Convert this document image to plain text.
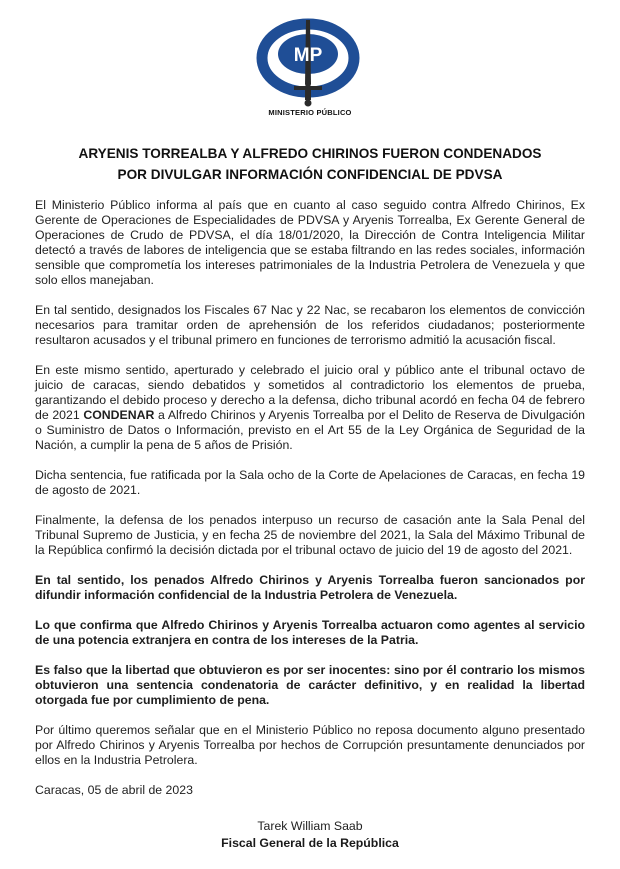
MP
MINISTERIO PÚBLICO
ARYENIS TORREALBA Y ALFREDO CHIRINOS FUERON CONDENADOS
POR DIVULGAR INFORMACIÓN CONFIDENCIAL DE PDVSA

El Ministerio Público informa al país que en cuanto al caso seguido contra Alfredo Chirinos, Ex Gerente de Operaciones de Especialidades de PDVSA y Aryenis Torrealba, Ex Gerente General de Operaciones de Crudo de PDVSA, el día 18/01/2020, la Dirección de Contra Inteligencia Militar detectó a través de labores de inteligencia que se estaba filtrando en las redes sociales, información sensible que comprometía los intereses patrimoniales de la Industria Petrolera de Venezuela y que solo ellos manejaban.

En tal sentido, designados los Fiscales 67 Nac y 22 Nac, se recabaron los elementos de convicción necesarios para tramitar orden de aprehensión de los referidos ciudadanos; posteriormente resultaron acusados y el tribunal primero en funciones de terrorismo admitió la acusación fiscal.

En este mismo sentido, aperturado y celebrado el juicio oral y público ante el tribunal octavo de juicio de caracas, siendo debatidos y sometidos al contradictorio los elementos de prueba, garantizando el debido proceso y derecho a la defensa, dicho tribunal acordó en fecha 04 de febrero de 2021 CONDENAR a Alfredo Chirinos y Aryenis Torrealba por el Delito de Reserva de Divulgación o Suministro de Datos o Información, previsto en el Art 55 de la Ley Orgánica de Seguridad de la Nación, a cumplir la pena de 5 años de Prisión.

Dicha sentencia, fue ratificada por la Sala ocho de la Corte de Apelaciones de Caracas, en fecha 19 de agosto de 2021.

Finalmente, la defensa de los penados interpuso un recurso de casación ante la Sala Penal del Tribunal Supremo de Justicia, y en fecha 25 de noviembre del 2021, la Sala del Máximo Tribunal de la República confirmó la decisión dictada por el tribunal octavo de juicio del 19 de agosto del 2021.

En tal sentido, los penados Alfredo Chirinos y Aryenis Torrealba fueron sancionados por difundir información confidencial de la Industria Petrolera de Venezuela.

Lo que confirma que Alfredo Chirinos y Aryenis Torrealba actuaron como agentes al servicio de una potencia extranjera en contra de los intereses de la Patria.

Es falso que la libertad que obtuvieron es por ser inocentes: sino por él contrario los mismos obtuvieron una sentencia condenatoria de carácter definitivo, y en realidad la libertad otorgada fue por cumplimiento de pena.

Por último queremos señalar que en el Ministerio Público no reposa documento alguno presentado por Alfredo Chirinos y Aryenis Torrealba por hechos de Corrupción presuntamente denunciados por ellos en la Industria Petrolera.

Caracas, 05 de abril de 2023

Tarek William Saab
Fiscal General de la República
